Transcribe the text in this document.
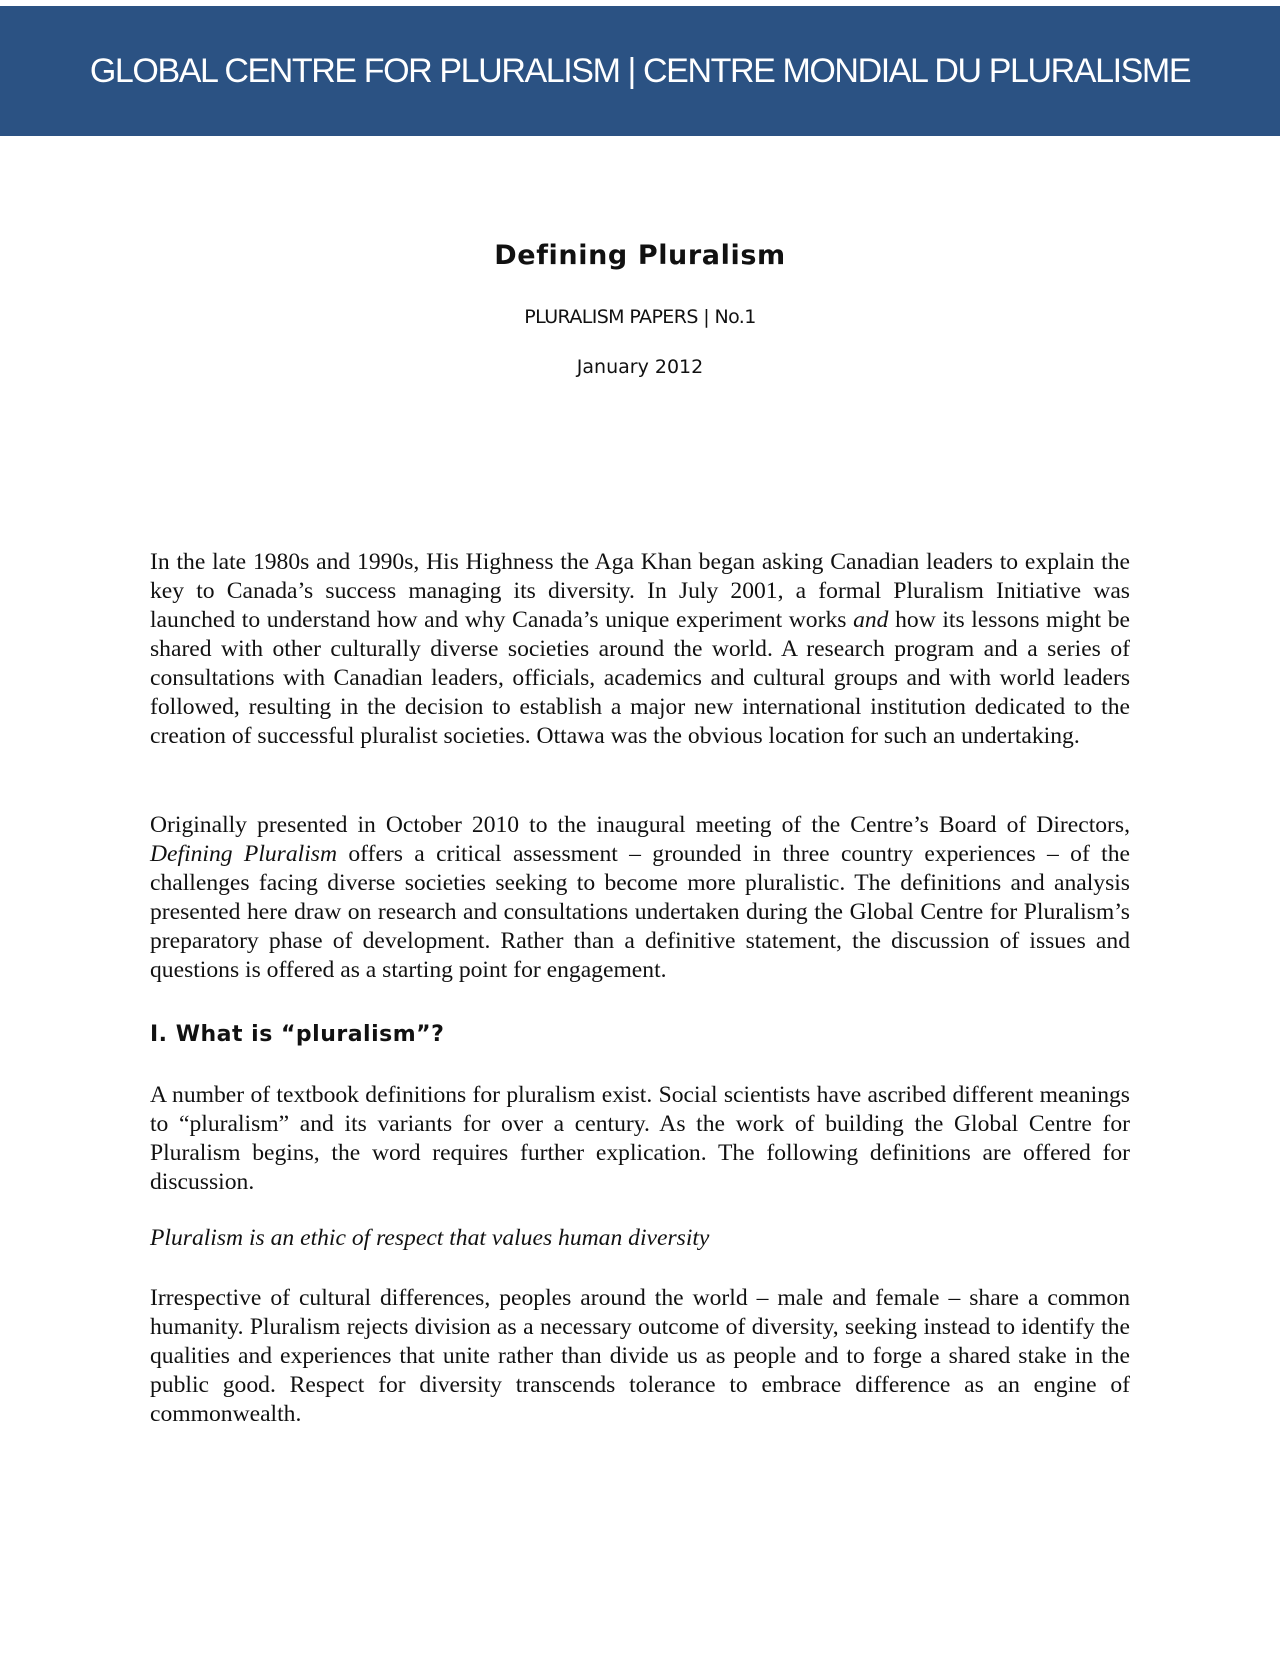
GLOBAL CENTRE FOR PLURALISM | CENTRE MONDIAL DU PLURALISME
Defining Pluralism
PLURALISM PAPERS | No.1
January 2012

In the late 1980s and 1990s, His Highness the Aga Khan began asking Canadian leaders to explain the key to Canada’s success managing its diversity. In July 2001, a formal Pluralism Initiative was launched to understand how and why Canada’s unique experiment works and how its lessons might be shared with other culturally diverse societies around the world. A research program and a series of consultations with Canadian leaders, officials, academics and cultural groups and with world leaders followed, resulting in the decision to establish a major new international institution dedicated to the creation of successful pluralist societies. Ottawa was the obvious location for such an undertaking.

Originally presented in October 2010 to the inaugural meeting of the Centre’s Board of Directors, Defining Pluralism offers a critical assessment – grounded in three country experiences – of the challenges facing diverse societies seeking to become more pluralistic. The definitions and analysis presented here draw on research and consultations undertaken during the Global Centre for Pluralism’s preparatory phase of development. Rather than a definitive statement, the discussion of issues and questions is offered as a starting point for engagement.

I. What is “pluralism”?

A number of textbook definitions for pluralism exist. Social scientists have ascribed different meanings to “pluralism” and its variants for over a century. As the work of building the Global Centre for Pluralism begins, the word requires further explication. The following definitions are offered for discussion.

Pluralism is an ethic of respect that values human diversity

Irrespective of cultural differences, peoples around the world – male and female – share a common humanity. Pluralism rejects division as a necessary outcome of diversity, seeking instead to identify the qualities and experiences that unite rather than divide us as people and to forge a shared stake in the public good. Respect for diversity transcends tolerance to embrace difference as an engine of commonwealth.
